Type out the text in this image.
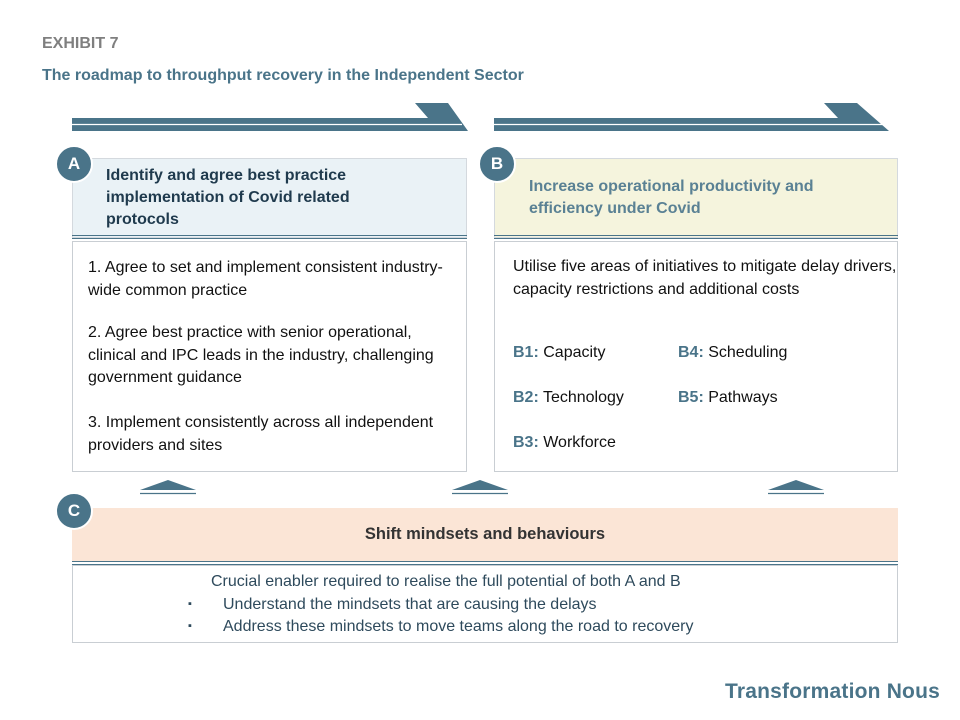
EXHIBIT 7
The roadmap to throughput recovery in the Independent Sector
Identify and agree best practice implementation of Covid related protocols
1. Agree to set and implement consistent industry-wide common practice
2. Agree best practice with senior operational, clinical and IPC leads in the industry, challenging government guidance
3. Implement consistently across all independent providers and sites
A
Increase operational productivity and efficiency under Covid
Utilise five areas of initiatives to mitigate delay drivers, capacity restrictions and additional costs
B1: Capacity	B4: Scheduling
B2: Technology	B5: Pathways
B3: Workforce
B
Shift mindsets and behaviours
Crucial enabler required to realise the full potential of both A and B
▪ Understand the mindsets that are causing the delays
▪ Address these mindsets to move teams along the road to recovery
C
Transformation Nous
